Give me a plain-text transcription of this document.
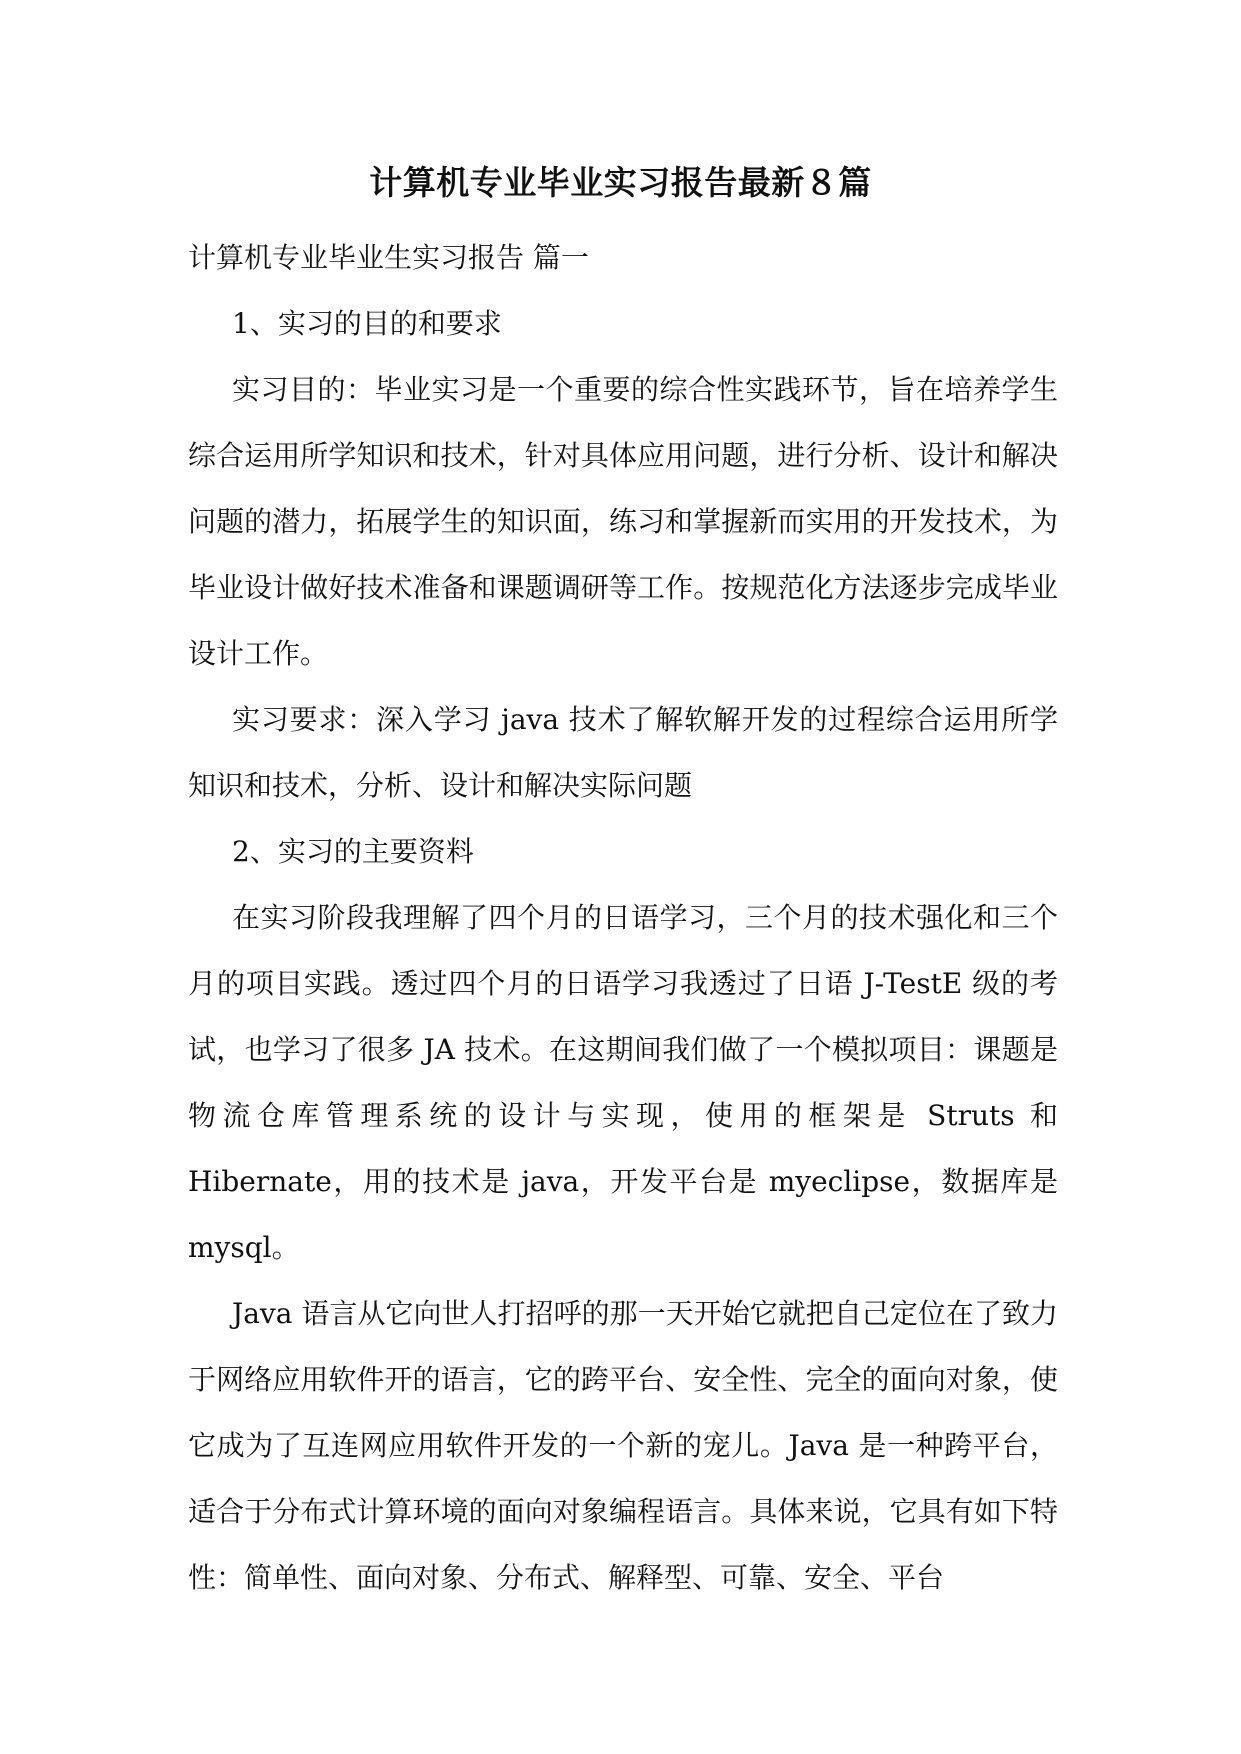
计算机专业毕业实习报告最新８篇

计算机专业毕业生实习报告 篇一

1、实习的目的和要求

实习目的：毕业实习是一个重要的综合性实践环节，旨在培养学生综合运用所学知识和技术，针对具体应用问题，进行分析、设计和解决问题的潜力，拓展学生的知识面，练习和掌握新而实用的开发技术，为毕业设计做好技术准备和课题调研等工作。按规范化方法逐步完成毕业设计工作。

实习要求：深入学习 java 技术了解软解开发的过程综合运用所学知识和技术，分析、设计和解决实际问题

2、实习的主要资料

在实习阶段我理解了四个月的日语学习，三个月的技术强化和三个月的项目实践。透过四个月的日语学习我透过了日语 J-TestE 级的考试，也学习了很多 JA 技术。在这期间我们做了一个模拟项目：课题是物流仓库管理系统的设计与实现，使用的框架是 Struts 和 Hibernate，用的技术是 java，开发平台是 myeclipse，数据库是 mysql。

Java 语言从它向世人打招呼的那一天开始它就把自己定位在了致力于网络应用软件开的语言，它的跨平台、安全性、完全的面向对象，使它成为了互连网应用软件开发的一个新的宠儿。Java 是一种跨平台，适合于分布式计算环境的面向对象编程语言。具体来说，它具有如下特性：简单性、面向对象、分布式、解释型、可靠、安全、平台
